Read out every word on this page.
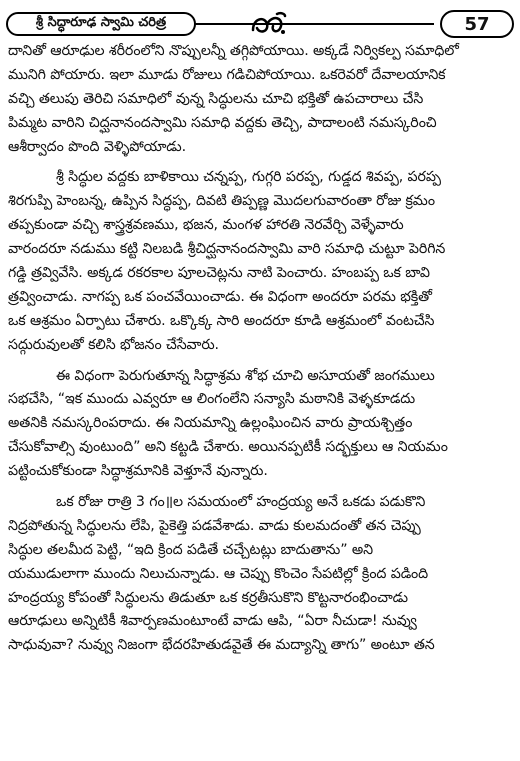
శ్రీ సిద్ధారూఢ స్వామి చరిత్ర	57
దానితో ఆరూఢుల శరీరంలోని నొప్పులన్నీ తగ్గిపోయాయి. అక్కడే నిర్వికల్ప సమాధిలో
మునిగి పోయారు. ఇలా మూడు రోజులు గడిచిపోయాయి. ఒకరెవరో దేవాలయానిక
వచ్చి తలుపు తెరిచి సమాధిలో వున్న సిద్ధులను చూచి భక్తితో ఉపచారాలు చేసి
పిమ్మట వారిని చిద్ఘనానందస్వామి సమాధి వద్దకు తెచ్చి, పాదాలంటి నమస్కరించి
ఆశీర్వాదం పొంది వెళ్ళిపోయాడు.
శ్రీ సిద్ధుల వద్దకు బాళికాయి చన్నప్ప, గుగ్గరి పరప్ప, గుడ్డద శివప్ప, పరప్ప
శిరగుప్పి హెంబన్న, ఉప్పిన సిద్ధప్ప, దివటి తిప్పణ్ణ మొదలగువారంతా రోజు క్రమం
తప్పకుండా వచ్చి శాస్త్రశ్రవణము, భజన, మంగళ హారతి నెరవేర్చి వెళ్ళేవారు
వారందరూ నడుము కట్టి నిలబడి శ్రీచిద్ఘనానందస్వామి వారి సమాధి చుట్టూ పెరిగిన
గడ్డి త్రవ్వివేసి. అక్కడ రకరకాల పూలచెట్లను నాటి పెంచారు. హంబప్ప ఒక బావి
త్రవ్వించాడు. నాగప్ప ఒక పంచవేయించాడు. ఈ విధంగా అందరూ పరమ భక్తితో
ఒక ఆశ్రమం ఏర్పాటు చేశారు. ఒక్కొక్క సారి అందరూ కూడి ఆశ్రమంలో వంటచేసి
సద్గురువులతో కలిసి భోజనం చేసేవారు.
ఈ విధంగా పెరుగుతూన్న సిద్ధాశ్రమ శోభ చూచి అసూయతో జంగములు
సభచేసి, “ఇక ముందు ఎవ్వరూ ఆ లింగంలేని సన్యాసి మఠానికి వెళ్ళకూడదు
అతనికి నమస్కరింపరాదు. ఈ నియమాన్ని ఉల్లంఘించిన వారు ప్రాయశ్చిత్తం
చేసుకోవాల్సి వుంటుంది” అని కట్టడి చేశారు. అయినప్పటికీ సద్భక్తులు ఆ నియమం
పట్టించుకోకుండా సిద్ధాశ్రమానికి వెళ్తూనే వున్నారు.
ఒక రోజు రాత్రి 3 గం॥ల సమయంలో హంద్రయ్య అనే ఒకడు పడుకొని
నిద్రపోతున్న సిద్ధులను లేపి, పైకెత్తి పడవేశాడు. వాడు కులమదంతో తన చెప్పు
సిద్ధుల తలమీద పెట్టి, “ఇది క్రింద పడితే చచ్చేటట్లు బాదుతాను” అని
యముడులాగా ముందు నిలుచున్నాడు. ఆ చెప్పు కొంచెం సేపటిల్లో క్రింద పడింది
హంద్రయ్య కోపంతో సిద్ధులను తిడుతూ ఒక కర్రతీసుకొని కొట్టనారంభించాడు
ఆరూఢులు అన్నిటికీ శివార్పణమంటూంటే వాడు ఆపి, “ఏరా నీచుడా! నువ్వు
సాధువువా? నువ్వు నిజంగా భేదరహితుడవైతే ఈ మద్యాన్ని తాగు” అంటూ తన
